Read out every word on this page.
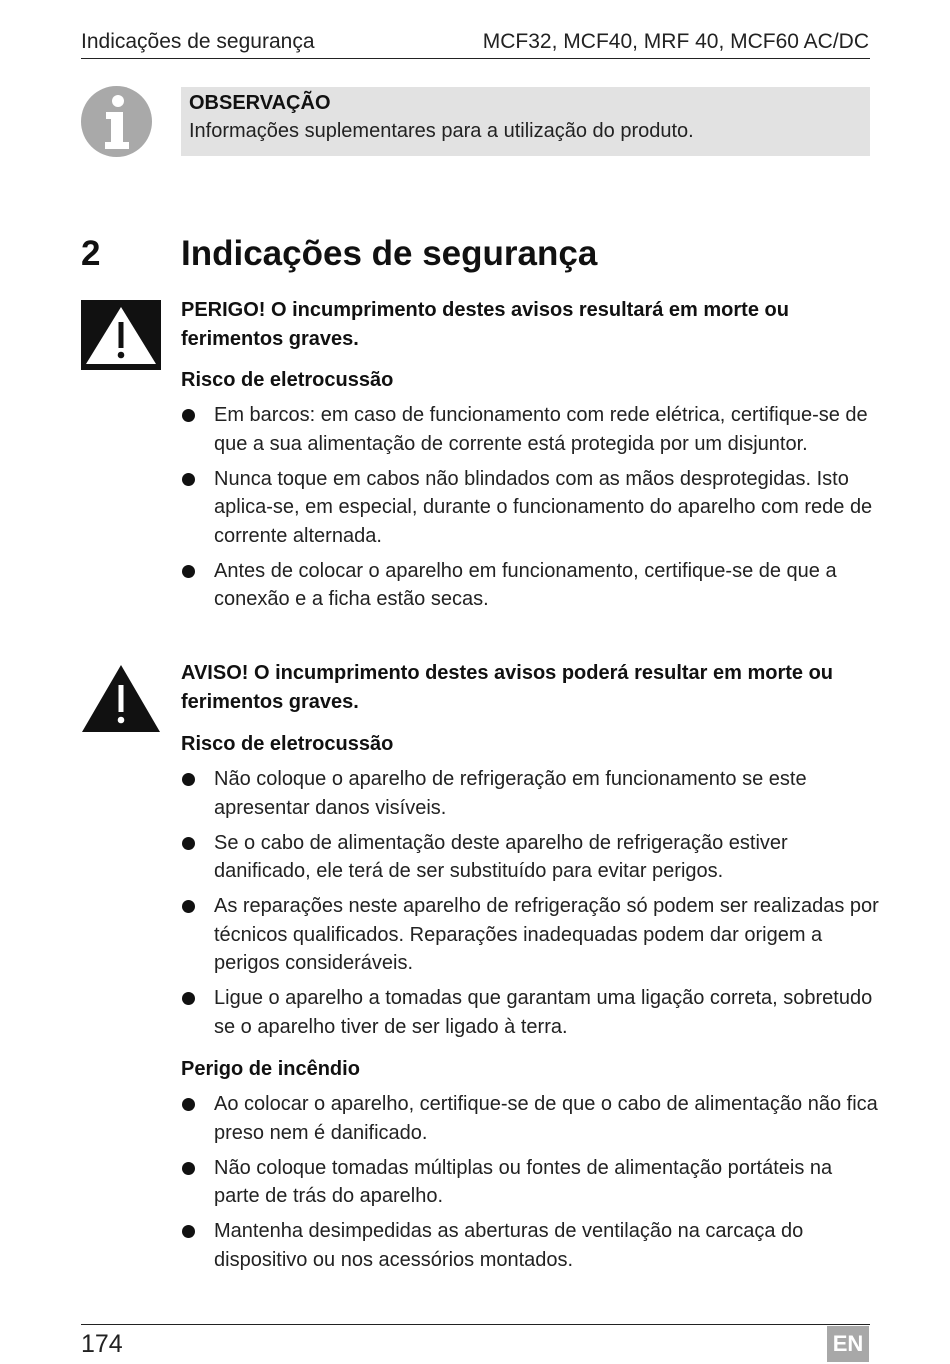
Indicações de segurança	MCF32, MCF40, MRF 40, MCF60 AC/DC
OBSERVAÇÃO
Informações suplementares para a utilização do produto.
2 Indicações de segurança
PERIGO! O incumprimento destes avisos resultará em morte ou ferimentos graves.
Risco de eletrocussão
Em barcos: em caso de funcionamento com rede elétrica, certifique-se de que a sua alimentação de corrente está protegida por um disjuntor.
Nunca toque em cabos não blindados com as mãos desprotegidas. Isto aplica-se, em especial, durante o funcionamento do aparelho com rede de corrente alternada.
Antes de colocar o aparelho em funcionamento, certifique-se de que a conexão e a ficha estão secas.
AVISO! O incumprimento destes avisos poderá resultar em morte ou ferimentos graves.
Risco de eletrocussão
Não coloque o aparelho de refrigeração em funcionamento se este apresentar danos visíveis.
Se o cabo de alimentação deste aparelho de refrigeração estiver danificado, ele terá de ser substituído para evitar perigos.
As reparações neste aparelho de refrigeração só podem ser realizadas por técnicos qualificados. Reparações inadequadas podem dar origem a perigos consideráveis.
Ligue o aparelho a tomadas que garantam uma ligação correta, sobretudo se o aparelho tiver de ser ligado à terra.
Perigo de incêndio
Ao colocar o aparelho, certifique-se de que o cabo de alimentação não fica preso nem é danificado.
Não coloque tomadas múltiplas ou fontes de alimentação portáteis na parte de trás do aparelho.
Mantenha desimpedidas as aberturas de ventilação na carcaça do dispositivo ou nos acessórios montados.
174	EN
